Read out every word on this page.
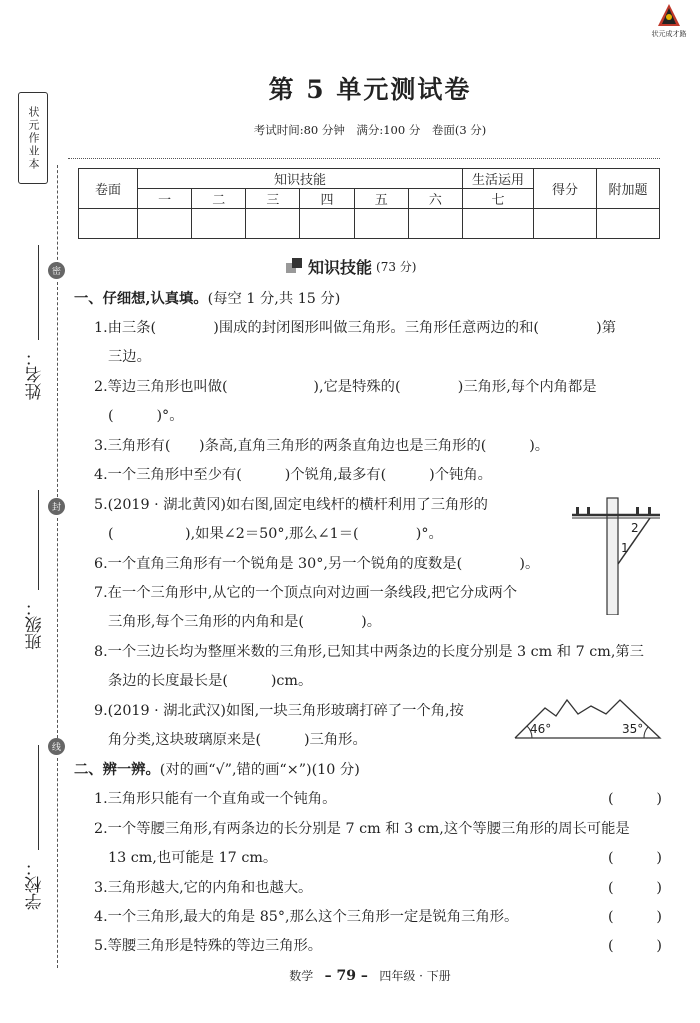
状元成才路
状元作业本
密
封
线
姓名：
班级：
学校：
第 5 单元测试卷
考试时间:80 分钟　满分:100 分　卷面(3 分)
卷面	知识技能						生活运用	得分	附加题
	一	二	三	四	五	六	七		

知识技能 (73 分)
一、仔细想,认真填。(每空 1 分,共 15 分)
1.由三条(　　　　)围成的封闭图形叫做三角形。三角形任意两边的和(　　　　)第
三边。
2.等边三角形也叫做(　　　　　　),它是特殊的(　　　　)三角形,每个内角都是
(　　　)°。
3.三角形有(　　)条高,直角三角形的两条直角边也是三角形的(　　　)。
4.一个三角形中至少有(　　　)个锐角,最多有(　　　)个钝角。
5.(2019 · 湖北黄冈)如右图,固定电线杆的横杆利用了三角形的
(　　　　　),如果∠2＝50°,那么∠1＝(　　　　)°。
6.一个直角三角形有一个锐角是 30°,另一个锐角的度数是(　　　　)。
7.在一个三角形中,从它的一个顶点向对边画一条线段,把它分成两个
三角形,每个三角形的内角和是(　　　　)。
8.一个三边长均为整厘米数的三角形,已知其中两条边的长度分别是 3 cm 和 7 cm,第三
条边的长度最长是(　　　)cm。
9.(2019 · 湖北武汉)如图,一块三角形玻璃打碎了一个角,按
角分类,这块玻璃原来是(　　　)三角形。
2
1
46°	35°
二、辨一辨。(对的画“√”,错的画“×”)(10 分)
1.三角形只能有一个直角或一个钝角。	(　　　)
2.一个等腰三角形,有两条边的长分别是 7 cm 和 3 cm,这个等腰三角形的周长可能是
13 cm,也可能是 17 cm。	(　　　)
3.三角形越大,它的内角和也越大。	(　　　)
4.一个三角形,最大的角是 85°,那么这个三角形一定是锐角三角形。	(　　　)
5.等腰三角形是特殊的等边三角形。	(　　　)
数学 – 79 – 四年级 · 下册
